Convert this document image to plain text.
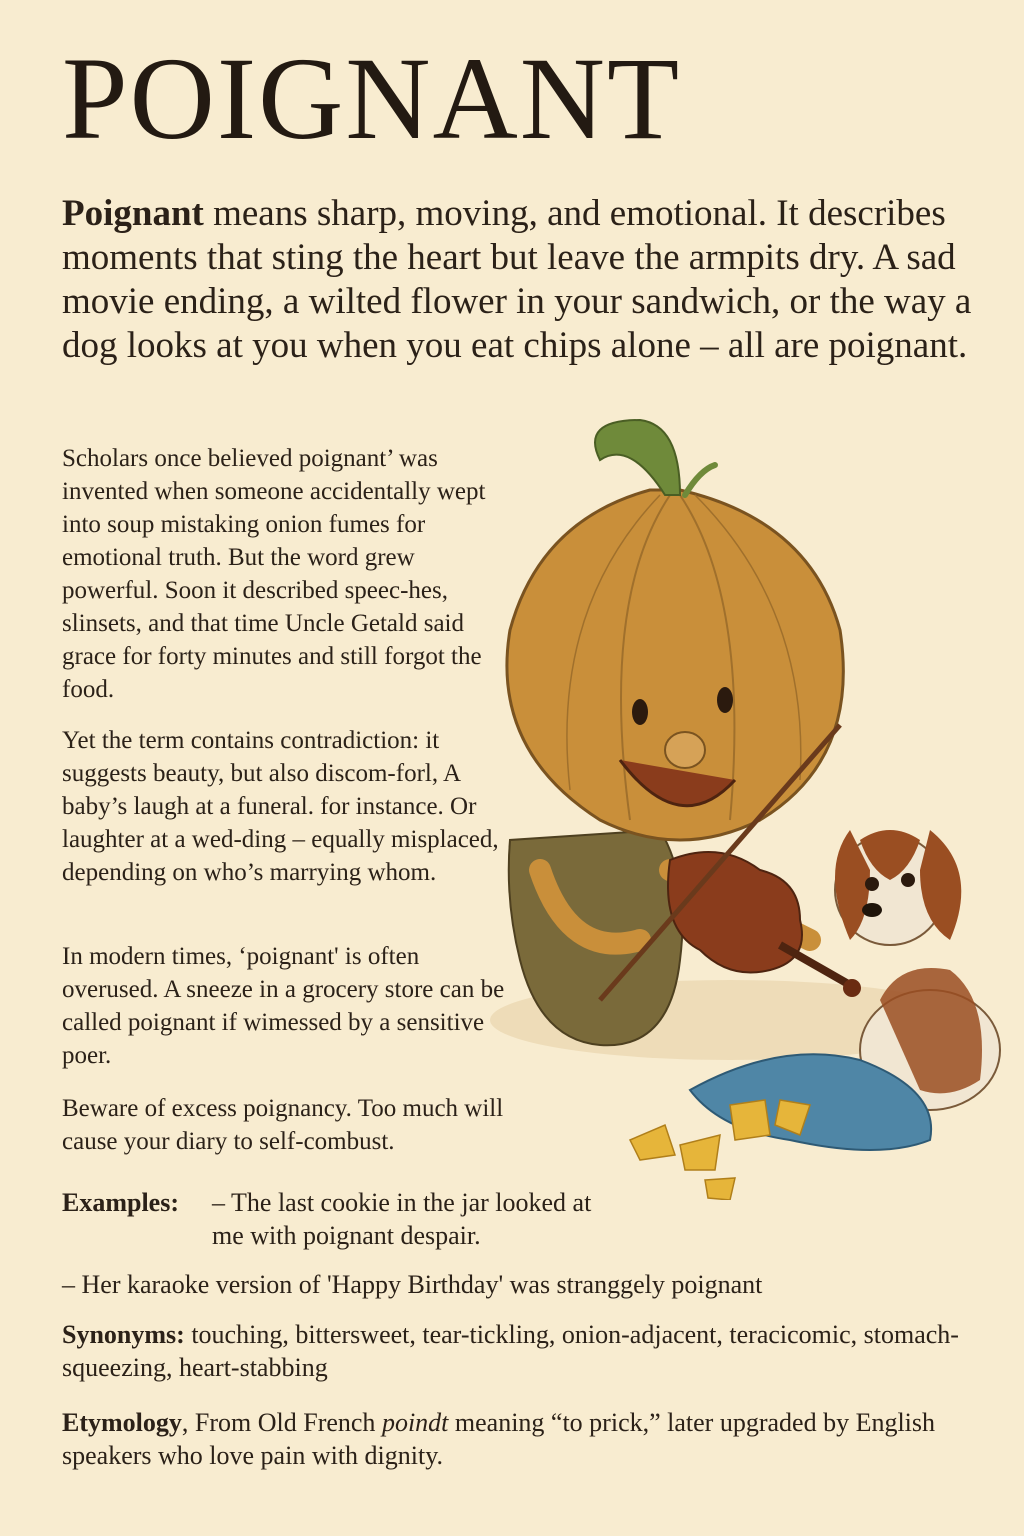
POIGNANT

Poignant means sharp, moving, and emotional. It describes moments that sting the heart but leave the armpits dry. A sad movie ending, a wilted flower in your sandwich, or the way a dog looks at you when you eat chips alone – all are poignant.

Scholars once believed poignant’ was invented when someone accidentally wept into soup mistaking onion fumes for emotional truth. But the word grew powerful. Soon it described speec-hes, slinsets, and that time Uncle Getald said grace for forty minutes and still forgot the food.

Yet the term contains contradiction: it suggests beauty, but also discom-forl, A baby’s laugh at a funeral. for instance. Or laughter at a wed-ding – equally misplaced, depending on who’s marrying whom.

In modern times, ‘poignant' is often overused. A sneeze in a grocery store can be called poignant if wimessed by a sensitive poer.

Beware of excess poignancy. Too much will cause your diary to self-combust.

Examples: – The last cookie in the jar looked at me with poignant despair.

– Her karaoke version of 'Happy Birthday' was stranggely poignant

Synonyms: touching, bittersweet, tear-tickling, onion-adjacent, teracicomic, stomach-squeezing, heart-stabbing

Etymology, From Old French poindt meaning “to prick,” later upgraded by English speakers who love pain with dignity.
